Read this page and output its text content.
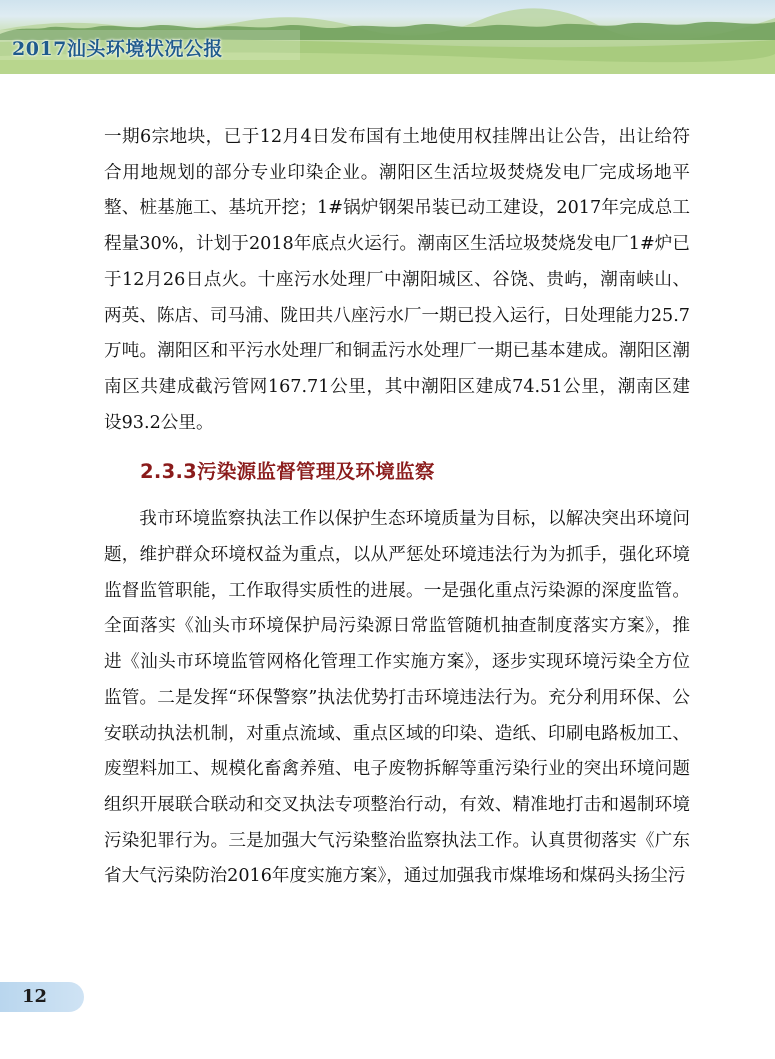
2017汕头环境状况公报

一期6宗地块，已于12月4日发布国有土地使用权挂牌出让公告，出让给符合用地规划的部分专业印染企业。潮阳区生活垃圾焚烧发电厂完成场地平整、桩基施工、基坑开挖；1#锅炉钢架吊装已动工建设，2017年完成总工程量30%，计划于2018年底点火运行。潮南区生活垃圾焚烧发电厂1#炉已于12月26日点火。十座污水处理厂中潮阳城区、谷饶、贵屿，潮南峡山、两英、陈店、司马浦、陇田共八座污水厂一期已投入运行，日处理能力25.7万吨。潮阳区和平污水处理厂和铜盂污水处理厂一期已基本建成。潮阳区潮南区共建成截污管网167.71公里，其中潮阳区建成74.51公里，潮南区建设93.2公里。

2.3.3污染源监督管理及环境监察

我市环境监察执法工作以保护生态环境质量为目标，以解决突出环境问题，维护群众环境权益为重点，以从严惩处环境违法行为为抓手，强化环境监督监管职能，工作取得实质性的进展。一是强化重点污染源的深度监管。全面落实《汕头市环境保护局污染源日常监管随机抽查制度落实方案》，推进《汕头市环境监管网格化管理工作实施方案》，逐步实现环境污染全方位监管。二是发挥“环保警察”执法优势打击环境违法行为。充分利用环保、公安联动执法机制，对重点流域、重点区域的印染、造纸、印刷电路板加工、废塑料加工、规模化畜禽养殖、电子废物拆解等重污染行业的突出环境问题组织开展联合联动和交叉执法专项整治行动，有效、精准地打击和遏制环境污染犯罪行为。三是加强大气污染整治监察执法工作。认真贯彻落实《广东省大气污染防治2016年度实施方案》，通过加强我市煤堆场和煤码头扬尘污

12
